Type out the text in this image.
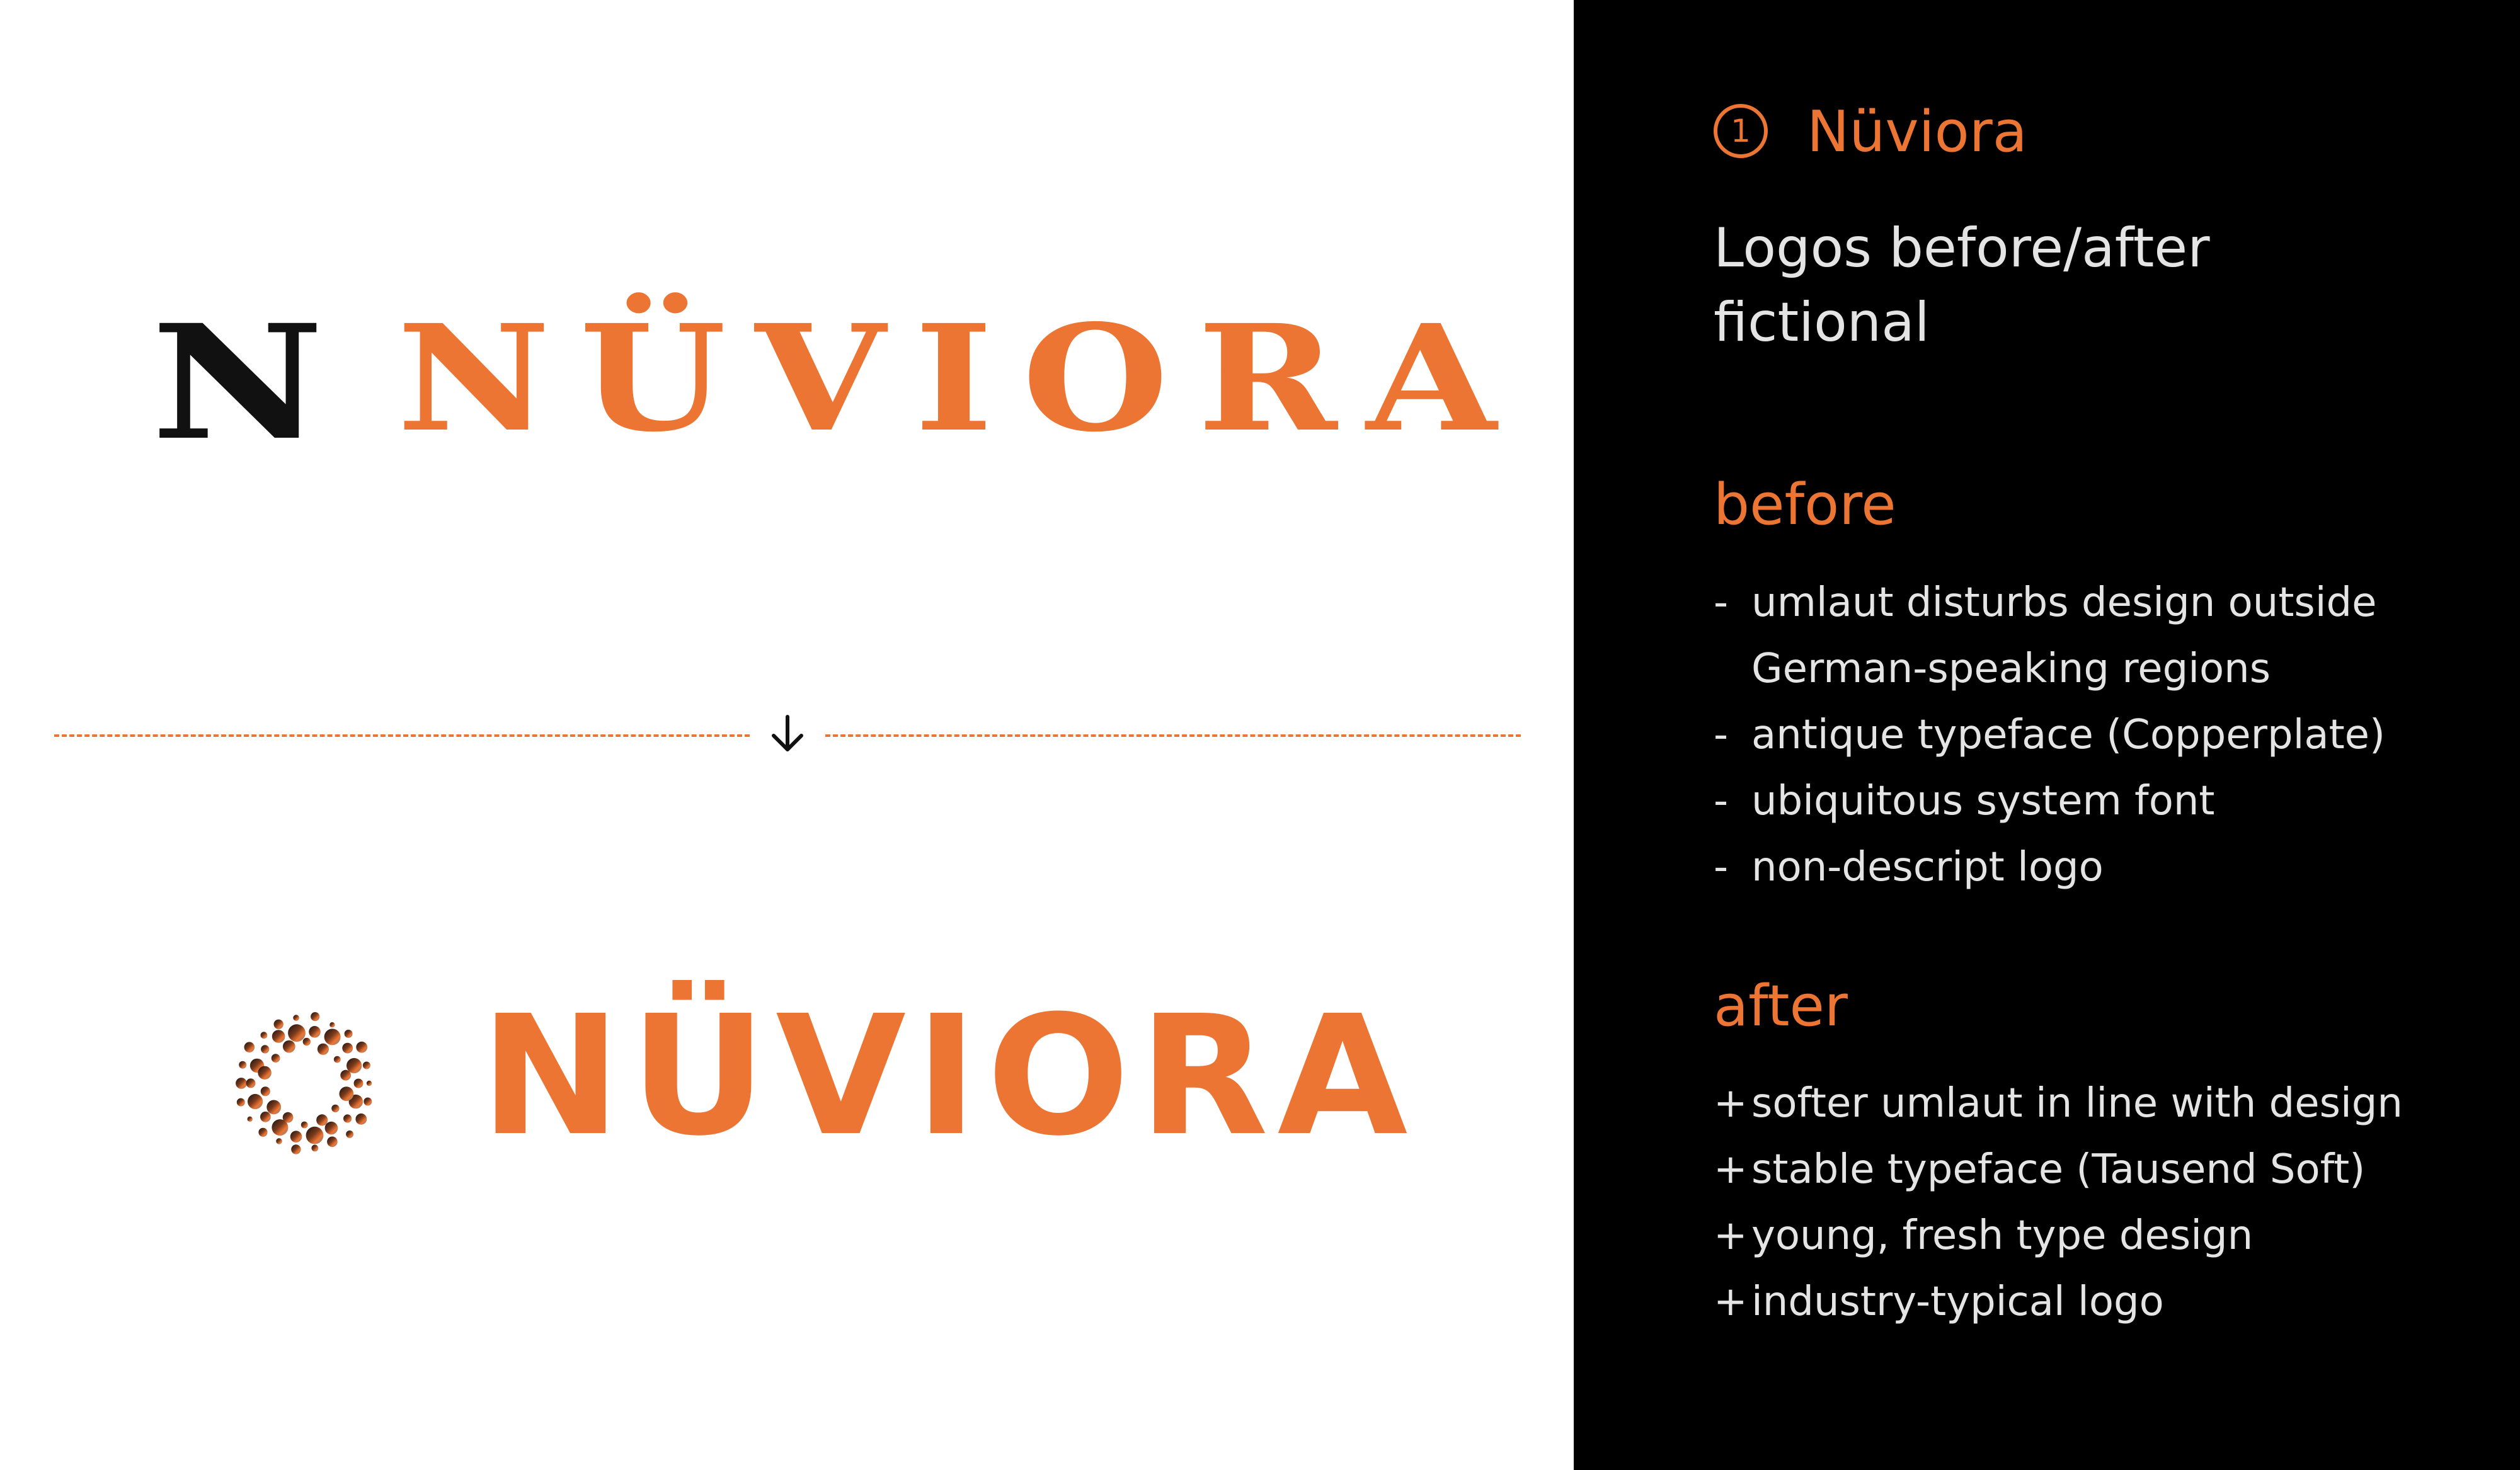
N NÜVIORA
NÜVIORA
1 Nüviora
Logos before/after
fictional
before
- umlaut disturbs design outside German-speaking regions
- antique typeface (Copperplate)
- ubiquitous system font
- non-descript logo
after
+ softer umlaut in line with design
+ stable typeface (Tausend Soft)
+ young, fresh type design
+ industry-typical logo
